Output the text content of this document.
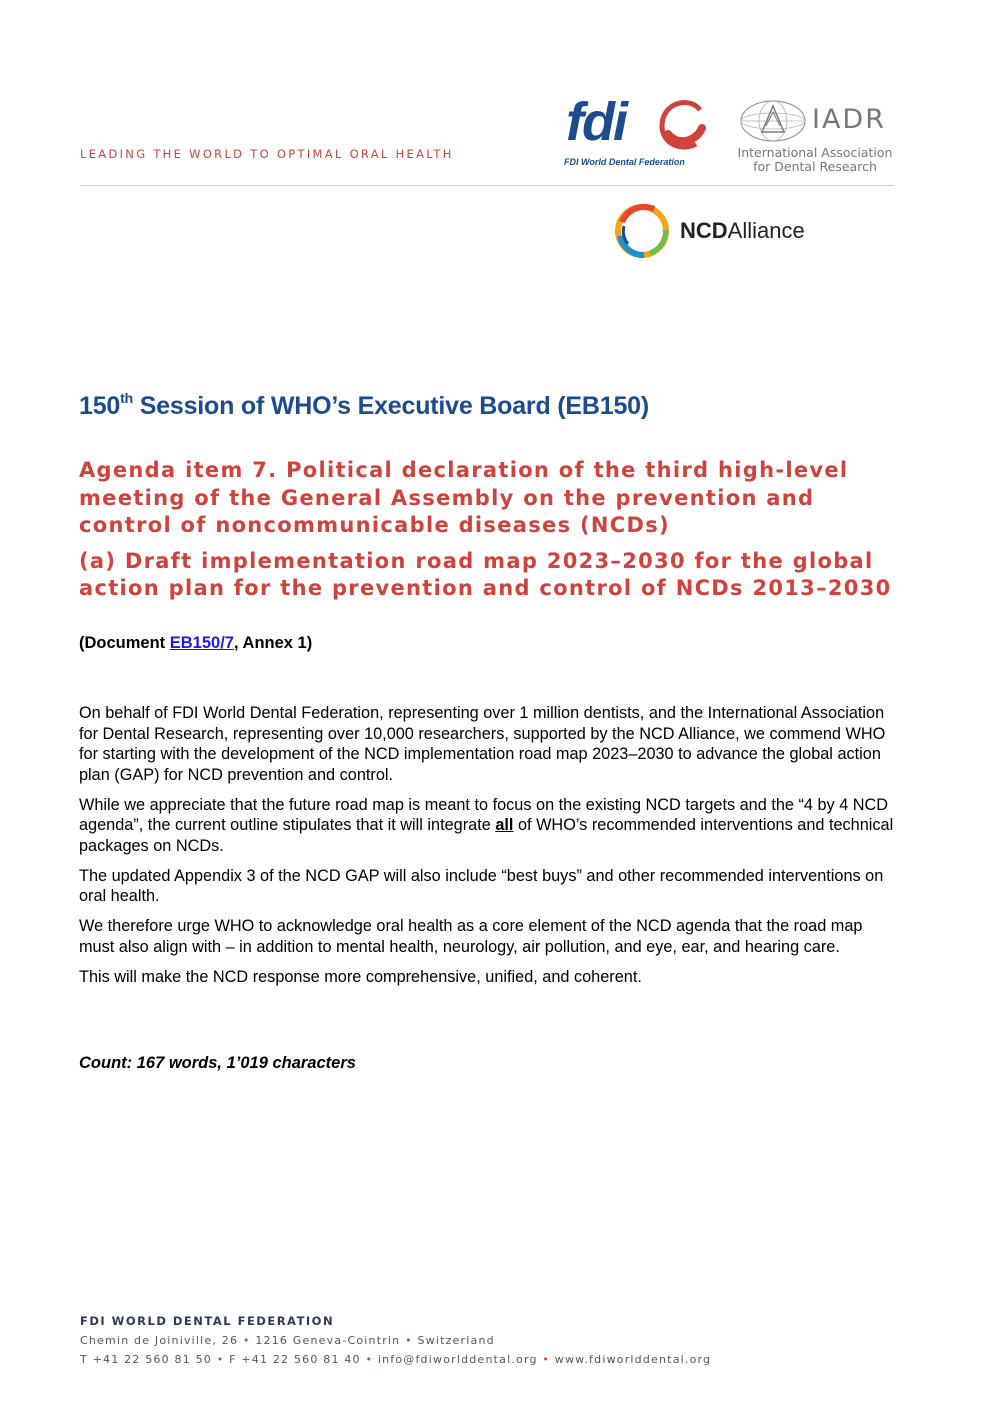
LEADING THE WORLD TO OPTIMAL ORAL HEALTH
fdi
FDI World Dental Federation
IADR
International Association
for Dental Research
NCDAlliance
150th Session of WHO’s Executive Board (EB150)

Agenda item 7. Political declaration of the third high-level meeting of the General Assembly on the prevention and control of noncommunicable diseases (NCDs)

(a) Draft implementation road map 2023–2030 for the global action plan for the prevention and control of NCDs 2013–2030

(Document EB150/7, Annex 1)

On behalf of FDI World Dental Federation, representing over 1 million dentists, and the International Association for Dental Research, representing over 10,000 researchers, supported by the NCD Alliance, we commend WHO for starting with the development of the NCD implementation road map 2023–2030 to advance the global action plan (GAP) for NCD prevention and control.

While we appreciate that the future road map is meant to focus on the existing NCD targets and the “4 by 4 NCD agenda”, the current outline stipulates that it will integrate all of WHO’s recommended interventions and technical packages on NCDs.

The updated Appendix 3 of the NCD GAP will also include “best buys” and other recommended interventions on oral health.

We therefore urge WHO to acknowledge oral health as a core element of the NCD agenda that the road map must also align with – in addition to mental health, neurology, air pollution, and eye, ear, and hearing care.

This will make the NCD response more comprehensive, unified, and coherent.

Count: 167 words, 1’019 characters
FDI WORLD DENTAL FEDERATION
Chemin de Joiniville, 26 • 1216 Geneva-Cointrin • Switzerland
T +41 22 560 81 50 • F +41 22 560 81 40 • info@fdiworlddental.org • www.fdiworlddental.org
